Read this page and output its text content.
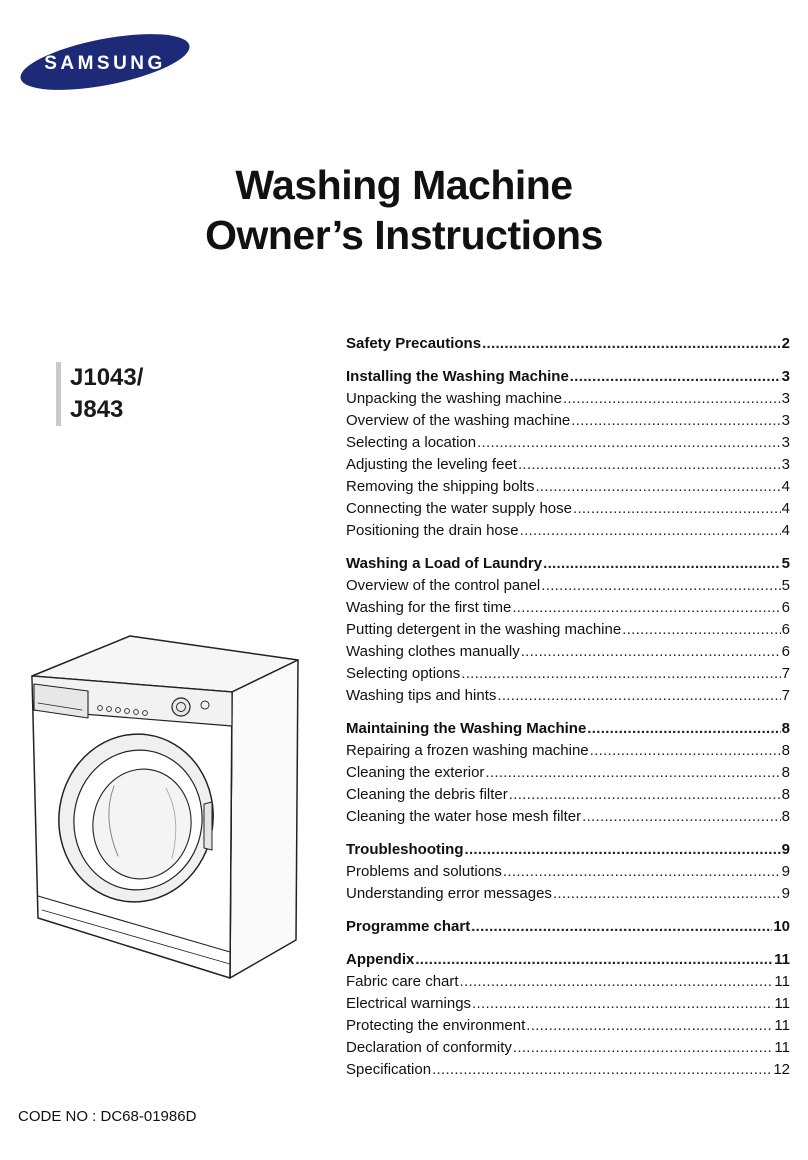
SAMSUNG
Washing Machine
Owner’s Instructions
J1043/
J843
Safety Precautions .....	2
Installing the Washing Machine .....	3
Unpacking the washing machine .....	3
Overview of the washing machine .....	3
Selecting a location .....	3
Adjusting the leveling feet .....	3
Removing the shipping bolts .....	4
Connecting the water supply hose .....	4
Positioning the drain hose .....	4
Washing a Load of Laundry .....	5
Overview of the control panel .....	5
Washing for the first time .....	6
Putting detergent in the washing machine .....	6
Washing clothes manually .....	6
Selecting options .....	7
Washing tips and hints .....	7
Maintaining the Washing Machine .....	8
Repairing a frozen washing machine .....	8
Cleaning the exterior .....	8
Cleaning the debris filter .....	8
Cleaning the water hose mesh filter .....	8
Troubleshooting .....	9
Problems and solutions .....	9
Understanding error messages .....	9
Programme chart .....	10
Appendix .....	11
Fabric care chart .....	11
Electrical warnings .....	11
Protecting the environment .....	11
Declaration of conformity .....	11
Specification .....	12
CODE NO : DC68-01986D
